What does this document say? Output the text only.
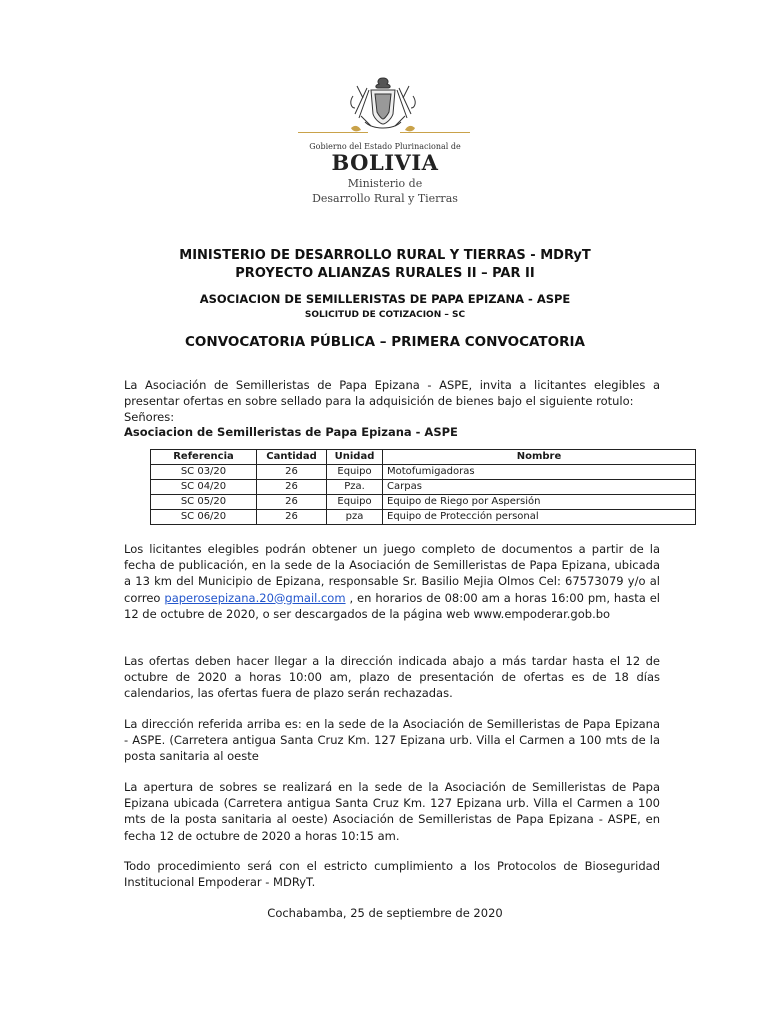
Gobierno del Estado Plurinacional de
BOLIVIA
Ministerio de
Desarrollo Rural y Tierras
MINISTERIO DE DESARROLLO RURAL Y TIERRAS - MDRyT
PROYECTO ALIANZAS RURALES II – PAR II
ASOCIACION DE SEMILLERISTAS DE PAPA EPIZANA - ASPE
SOLICITUD DE COTIZACION – SC
CONVOCATORIA PÚBLICA – PRIMERA CONVOCATORIA
La Asociación de Semilleristas de Papa Epizana - ASPE, invita a licitantes elegibles a presentar ofertas en sobre sellado para la adquisición de bienes bajo el siguiente rotulo:
Señores:
Asociacion de Semilleristas de Papa Epizana - ASPE
Referencia	Cantidad	Unidad	Nombre
SC 03/20	26	Equipo	Motofumigadoras
SC 04/20	26	Pza.	Carpas
SC 05/20	26	Equipo	Equipo de Riego por Aspersión
SC 06/20	26	pza	Equipo de Protección personal
Los licitantes elegibles podrán obtener un juego completo de documentos a partir de la fecha de publicación, en la sede de la Asociación de Semilleristas de Papa Epizana, ubicada a 13 km del Municipio de Epizana, responsable Sr. Basilio Mejia Olmos Cel: 67573079 y/o al correo paperosepizana.20@gmail.com , en horarios de 08:00 am a horas 16:00 pm, hasta el 12 de octubre de 2020, o ser descargados de la página web www.empoderar.gob.bo
Las ofertas deben hacer llegar a la dirección indicada abajo a más tardar hasta el 12 de octubre de 2020 a horas 10:00 am, plazo de presentación de ofertas es de 18 días calendarios, las ofertas fuera de plazo serán rechazadas.
La dirección referida arriba es: en la sede de la Asociación de Semilleristas de Papa Epizana - ASPE. (Carretera antigua Santa Cruz Km. 127 Epizana urb. Villa el Carmen a 100 mts de la posta sanitaria al oeste
La apertura de sobres se realizará en la sede de la Asociación de Semilleristas de Papa Epizana ubicada (Carretera antigua Santa Cruz Km. 127 Epizana urb. Villa el Carmen a 100 mts de la posta sanitaria al oeste) Asociación de Semilleristas de Papa Epizana - ASPE, en fecha 12 de octubre de 2020 a horas 10:15 am.
Todo procedimiento será con el estricto cumplimiento a los Protocolos de Bioseguridad Institucional Empoderar - MDRyT.
Cochabamba, 25 de septiembre de 2020
